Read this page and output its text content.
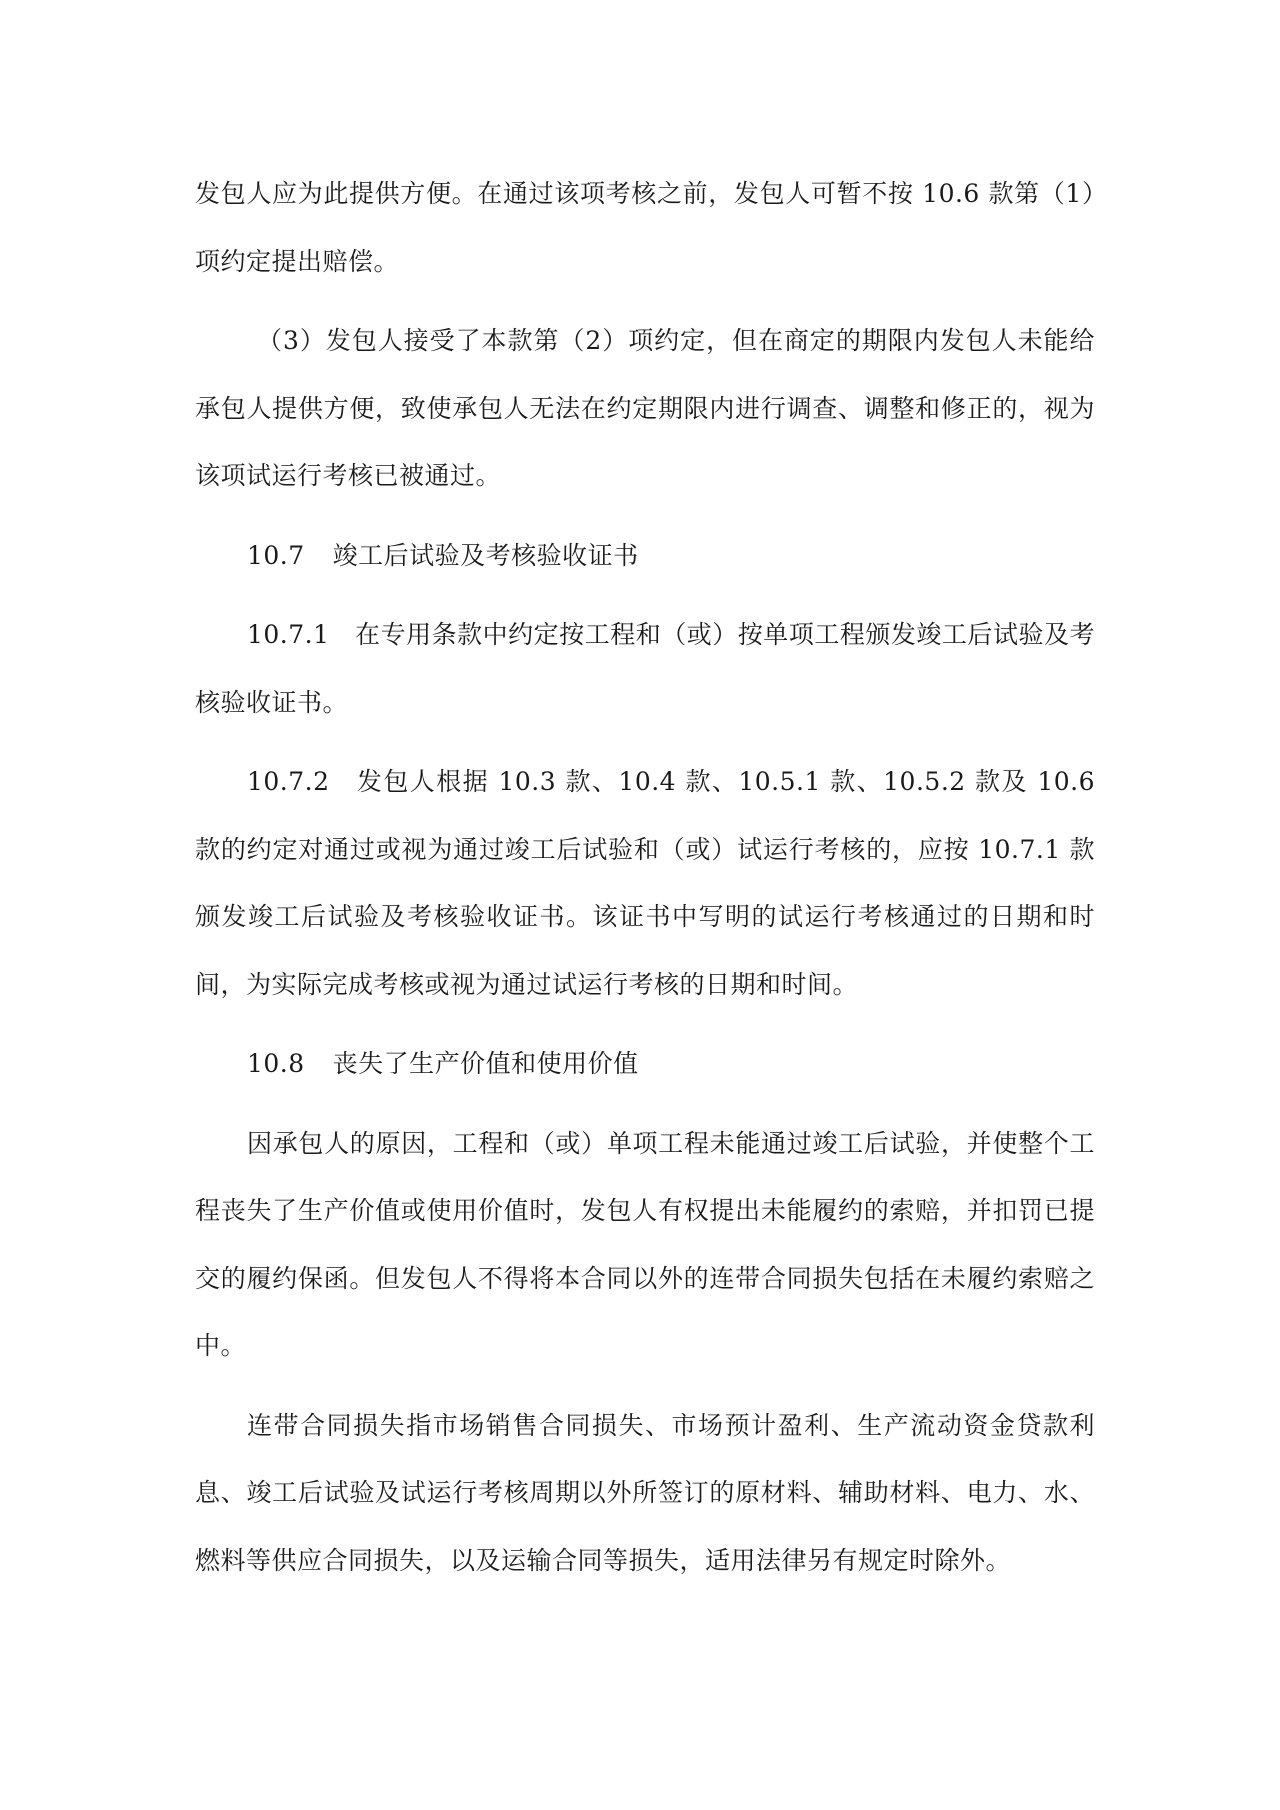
发包人应为此提供方便。在通过该项考核之前，发包人可暂不按 10.6 款第（1）项约定提出赔偿。

（3）发包人接受了本款第（2）项约定，但在商定的期限内发包人未能给承包人提供方便，致使承包人无法在约定期限内进行调查、调整和修正的，视为该项试运行考核已被通过。

10.7 竣工后试验及考核验收证书

10.7.1　在专用条款中约定按工程和（或）按单项工程颁发竣工后试验及考核验收证书。

10.7.2　发包人根据 10.3 款、10.4 款、10.5.1 款、10.5.2 款及 10.6 款的约定对通过或视为通过竣工后试验和（或）试运行考核的，应按 10.7.1 款颁发竣工后试验及考核验收证书。该证书中写明的试运行考核通过的日期和时间，为实际完成考核或视为通过试运行考核的日期和时间。

10.8 丧失了生产价值和使用价值

因承包人的原因，工程和（或）单项工程未能通过竣工后试验，并使整个工程丧失了生产价值或使用价值时，发包人有权提出未能履约的索赔，并扣罚已提交的履约保函。但发包人不得将本合同以外的连带合同损失包括在未履约索赔之中。

连带合同损失指市场销售合同损失、市场预计盈利、生产流动资金贷款利息、竣工后试验及试运行考核周期以外所签订的原材料、辅助材料、电力、水、燃料等供应合同损失，以及运输合同等损失，适用法律另有规定时除外。
